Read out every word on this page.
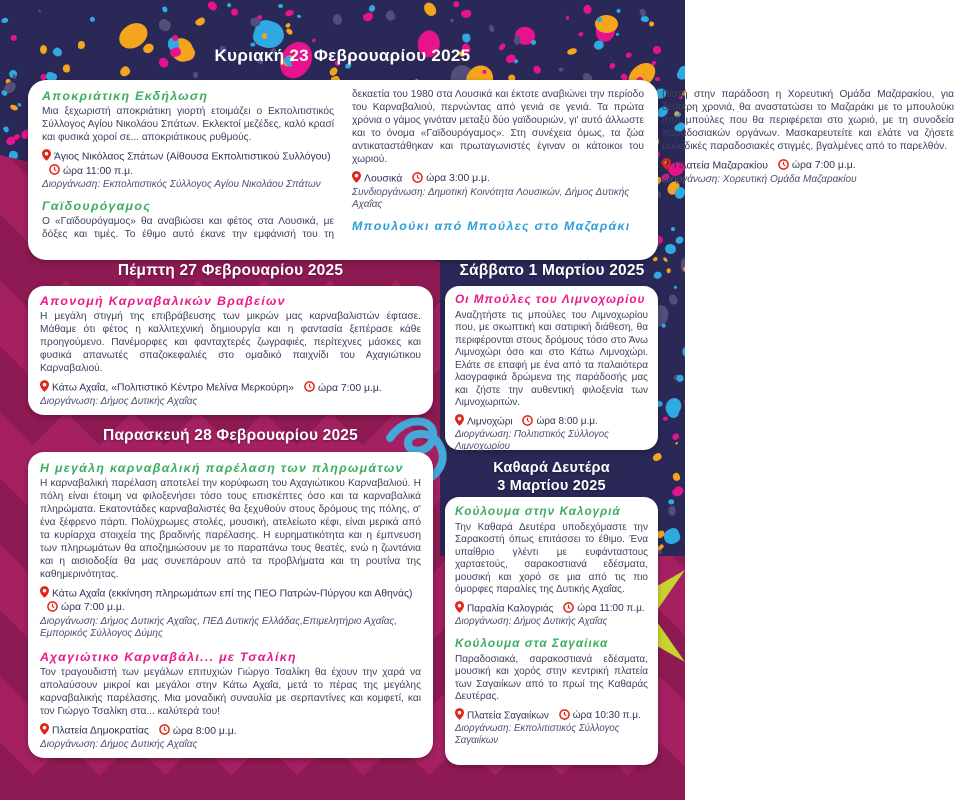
Κυριακή 23 Φεβρουαρίου 2025
Αποκριάτικη Εκδήλωση

Μια ξεχωριστή αποκριάτικη γιορτή ετοιμάζει ο Εκπολιτιστικός Σύλλογος Αγίου Νικολάου Σπάτων. Εκλεκτοί μεζέδες, καλό κρασί και φυσικά χοροί σε... αποκριάτικους ρυθμούς.

Άγιος Νικόλαος Σπάτων (Αίθουσα Εκπολιτιστικού Συλλόγου) ώρα 11:00 π.μ.

Διοργάνωση: Εκπολιτιστικός Σύλλογος Αγίου Νικολάου Σπάτων

Γαϊδουρόγαμος

Ο «Γαϊδουρόγαμος» θα αναβιώσει και φέτος στα Λουσικά, με δόξες και τιμές. Το έθιμο αυτό έκανε την εμφάνισή του τη δεκαετία του 1980 στα Λουσικά και έκτοτε αναβιώνει την περίοδο του Καρναβαλιού, περνώντας από γενιά σε γενιά. Τα πρώτα χρόνια ο γάμος γινόταν μεταξύ δύο γαϊδουριών, γι' αυτό άλλωστε και το όνομα «Γαϊδουρόγαμος». Στη συνέχεια όμως, τα ζώα αντικαταστάθηκαν και πρωταγωνιστές έγιναν οι κάτοικοι του χωριού.

Λουσικά ώρα 3:00 μ.μ.

Συνδιοργάνωση: Δημοτική Κοινότητα Λουσικών, Δήμος Δυτικής Αχαΐας

Μπουλούκι από Μπούλες στο Μαζαράκι

Πιστή στην παράδοση η Χορευτική Ομάδα Μαζαρακίου, για δεύτερη χρονιά, θα αναστατώσει το Μαζαράκι με το μπουλούκι από μπούλες που θα περιφέρεται στο χωριό, με τη συνοδεία παραδοσιακών οργάνων. Μασκαρευτείτε και ελάτε να ζήσετε μοναδικές παραδοσιακές στιγμές, βγαλμένες από το παρελθόν.

Πλατεία Μαζαρακίου ώρα 7:00 μ.μ.

Διοργάνωση: Χορευτική Ομάδα Μαζαρακίου

Πέμπτη 27 Φεβρουαρίου 2025	Σάββατο 1 Μαρτίου 2025
Απονομή Καρναβαλικών Βραβείων

Η μεγάλη στιγμή της επιβράβευσης των μικρών μας καρναβαλιστών έφτασε. Μάθαμε ότι φέτος η καλλιτεχνική δημιουργία και η φαντασία ξεπέρασε κάθε προηγούμενο. Πανέμορφες και φανταχτερές ζωγραφιές, περίτεχνες μάσκες και φυσικά απανωτές σπαζοκεφαλιές στο ομαδικό παιχνίδι του Αχαγιώτικου Καρναβαλιού.

Κάτω Αχαΐα, «Πολιτιστικό Κέντρο Μελίνα Μερκούρη» ώρα 7:00 μ.μ.

Διοργάνωση: Δήμος Δυτικής Αχαΐας

Οι Μπούλες του Λιμνοχωρίου

Αναζητήστε τις μπούλες του Λιμνοχωρίου που, με σκωπτική και σατιρική διάθεση, θα περιφέρονται στους δρόμους τόσο στο Άνω Λιμνοχώρι όσο και στο Κάτω Λιμνοχώρι. Ελάτε σε επαφή με ένα από τα παλαιότερα λαογραφικά δρώμενα της παράδοσής μας και ζήστε την αυθεντική φιλοξενία των Λιμνοχωριτών.

Λιμνοχώρι ώρα 8:00 μ.μ.

Διοργάνωση: Πολιτιστικός Σύλλογος Λιμνοχωρίου

Παρασκευή 28 Φεβρουαρίου 2025
Η μεγάλη καρναβαλική παρέλαση των πληρωμάτων

Η καρναβαλική παρέλαση αποτελεί την κορύφωση του Αχαγιώτικου Καρναβαλιού. Η πόλη είναι έτοιμη να φιλοξενήσει τόσο τους επισκέπτες όσο και τα καρναβαλικά πληρώματα. Εκατοντάδες καρναβαλιστές θα ξεχυθούν στους δρόμους της πόλης, σ' ένα ξέφρενο πάρτι. Πολύχρωμες στολές, μουσική, ατελείωτο κέφι, είναι μερικά από τα κυρίαρχα στοιχεία της βραδινής παρέλασης. Η ευρηματικότητα και η έμπνευση των πληρωμάτων θα αποζημιώσουν με το παραπάνω τους θεατές, ενώ η ζωντάνια και η αισιοδοξία θα μας συνεπάρουν από τα προβλήματα και τη ρουτίνα της καθημερινότητας.

Κάτω Αχαΐα (εκκίνηση πληρωμάτων επί της ΠΕΟ Πατρών-Πύργου και Αθηνάς) ώρα 7:00 μ.μ.

Διοργάνωση: Δήμος Δυτικής Αχαΐας, ΠΕΔ Δυτικής Ελλάδας,Επιμελητήριο Αχαΐας, Εμπορικός Σύλλογος Δύμης

Αχαγιώτικο Καρναβάλι... με Τσαλίκη

Τον τραγουδιστή των μεγάλων επιτυχιών Γιώργο Τσαλίκη θα έχουν την χαρά να απολαύσουν μικροί και μεγάλοι στην Κάτω Αχαΐα, μετά το πέρας της μεγάλης καρναβαλικής παρέλασης. Μια μοναδική συναυλία με σερπαντίνες και κομφετί, και τον Γιώργο Τσαλίκη στα... καλύτερά του!

Πλατεία Δημοκρατίας ώρα 8:00 μ.μ.

Διοργάνωση: Δήμος Δυτικής Αχαΐας

Καθαρά Δευτέρα
3 Μαρτίου 2025
Κούλουμα στην Καλογριά

Την Καθαρά Δευτέρα υποδεχόμαστε την Σαρακοστή όπως επιτάσσει το έθιμο. Ένα υπαίθριο γλέντι με ευφάνταστους χαρταετούς, σαρακοστιανά εδέσματα, μουσική και χορό σε μια από τις πιο όμορφες παραλίες της Δυτικής Αχαΐας.

Παραλία Καλογριάς ώρα 11:00 π.μ.

Διοργάνωση: Δήμος Δυτικής Αχαΐας

Κούλουμα στα Σαγαίικα

Παραδοσιακά, σαρακοστιανά εδέσματα, μουσική και χορός στην κεντρική πλατεία των Σαγαιίκων από το πρωί της Καθαράς Δευτέρας.

Πλατεία Σαγαιίκων ώρα 10:30 π.μ.

Διοργάνωση: Εκπολιτιστικός Σύλλογος Σαγαιίκων
